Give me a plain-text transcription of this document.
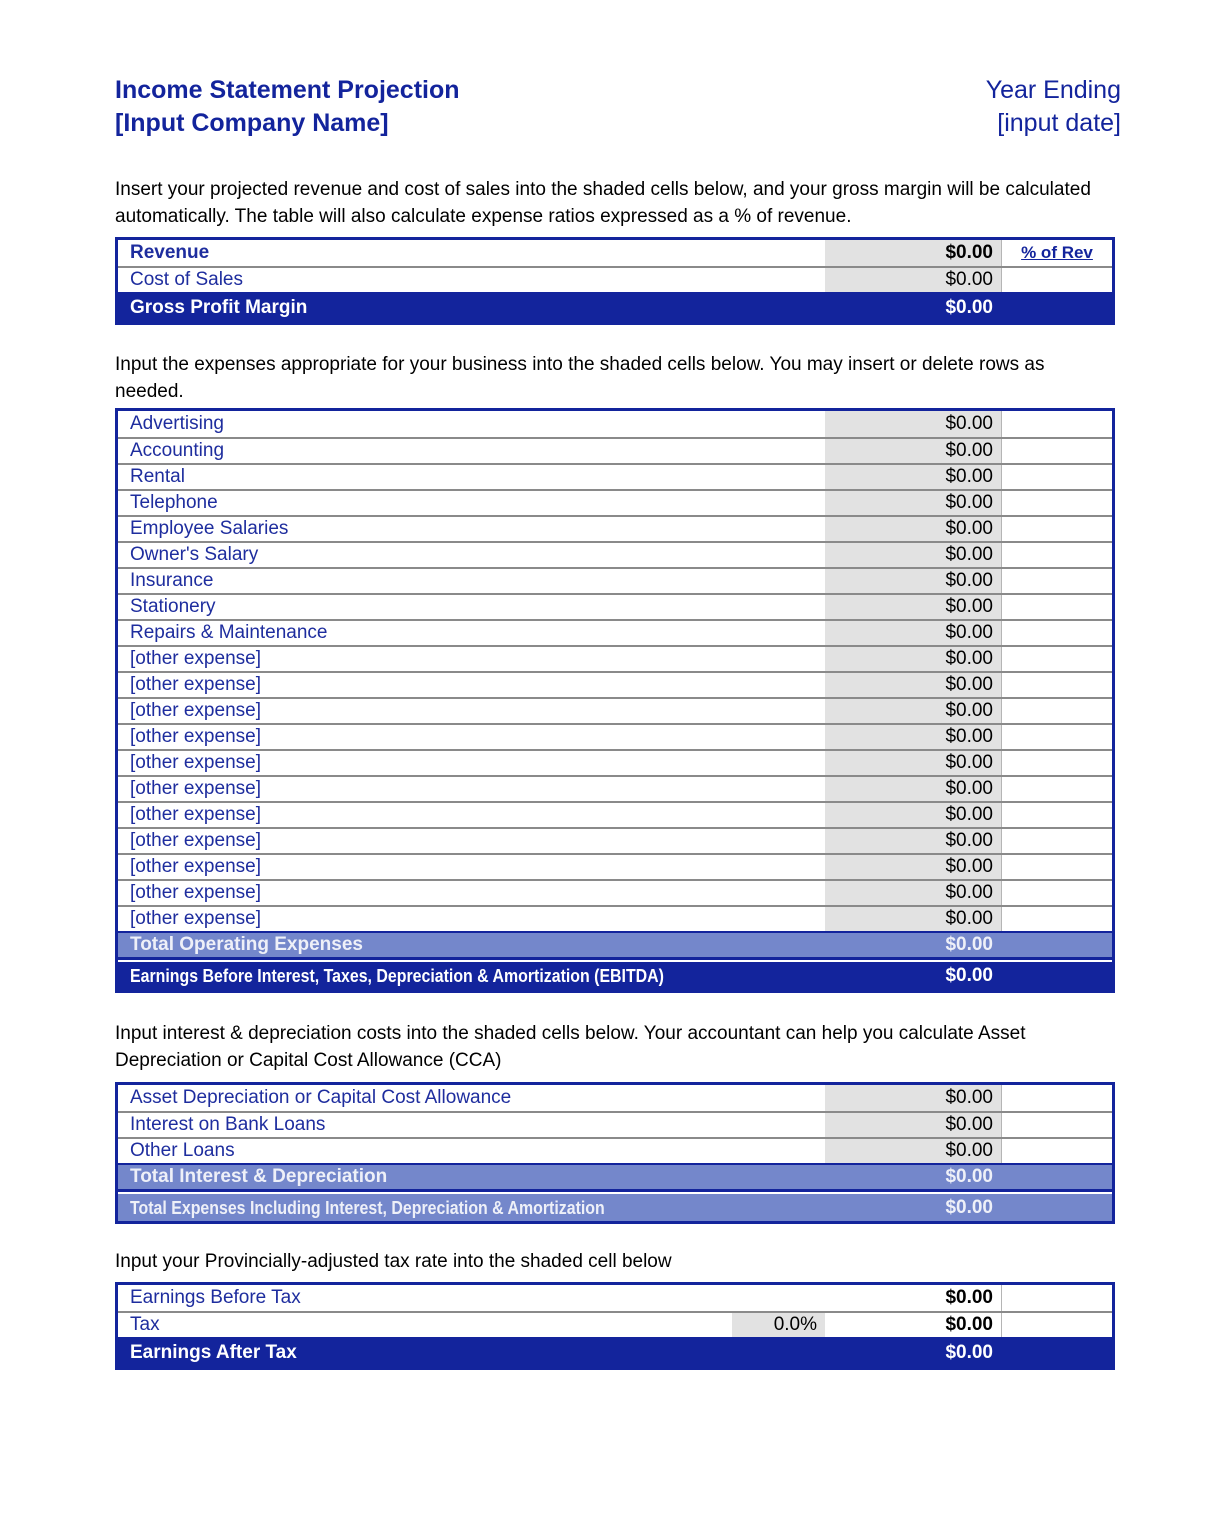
Income Statement Projection
[Input Company Name]
Year Ending
[input date]
Insert your projected revenue and cost of sales into the shaded cells below, and your gross margin will be calculated automatically. The table will also calculate expense ratios expressed as a % of revenue.
Revenue	$0.00	% of Rev
Cost of Sales	$0.00
Gross Profit Margin	$0.00
Input the expenses appropriate for your business into the shaded cells below. You may insert or delete rows as needed.
Advertising	$0.00
Accounting	$0.00
Rental	$0.00
Telephone	$0.00
Employee Salaries	$0.00
Owner's Salary	$0.00
Insurance	$0.00
Stationery	$0.00
Repairs & Maintenance	$0.00
[other expense]	$0.00
[other expense]	$0.00
[other expense]	$0.00
[other expense]	$0.00
[other expense]	$0.00
[other expense]	$0.00
[other expense]	$0.00
[other expense]	$0.00
[other expense]	$0.00
[other expense]	$0.00
[other expense]	$0.00
Total Operating Expenses	$0.00
Earnings Before Interest, Taxes, Depreciation & Amortization (EBITDA)	$0.00
Input interest & depreciation costs into the shaded cells below. Your accountant can help you calculate Asset Depreciation or Capital Cost Allowance (CCA)
Asset Depreciation or Capital Cost Allowance	$0.00
Interest on Bank Loans	$0.00
Other Loans	$0.00
Total Interest & Depreciation	$0.00
Total Expenses Including Interest, Depreciation & Amortization	$0.00
Input your Provincially-adjusted tax rate into the shaded cell below
Earnings Before Tax	$0.00
Tax	0.0%	$0.00
Earnings After Tax	$0.00
